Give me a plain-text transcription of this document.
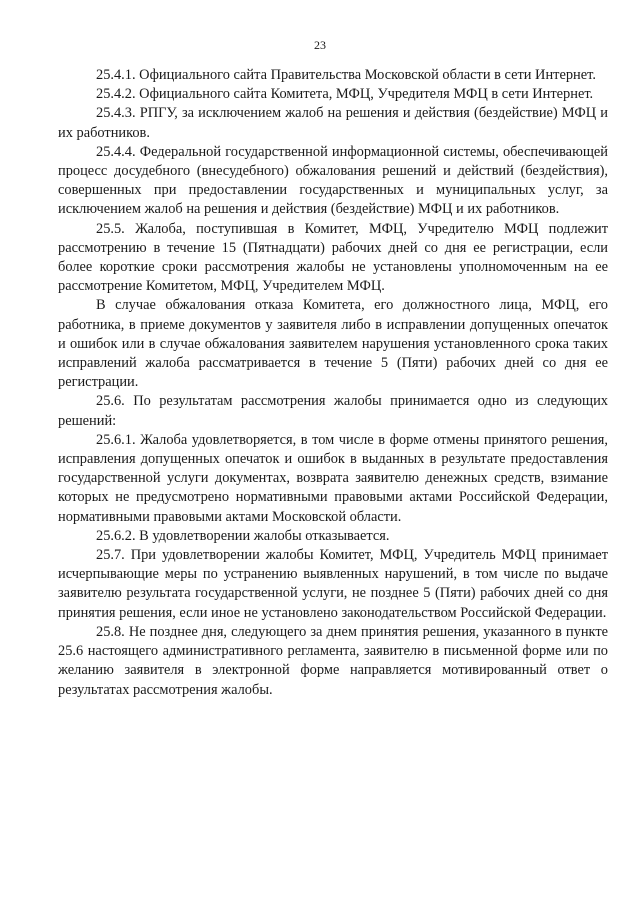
23

25.4.1. Официального сайта Правительства Московской области в сети Интернет.

25.4.2. Официального сайта Комитета, МФЦ, Учредителя МФЦ в сети Интернет.

25.4.3. РПГУ, за исключением жалоб на решения и действия (бездействие) МФЦ и их работников.

25.4.4. Федеральной государственной информационной системы, обеспечивающей процесс досудебного (внесудебного) обжалования решений и действий (бездействия), совершенных при предоставлении государственных и муниципальных услуг, за исключением жалоб на решения и действия (бездействие) МФЦ и их работников.

25.5. Жалоба, поступившая в Комитет, МФЦ, Учредителю МФЦ подлежит рассмотрению в течение 15 (Пятнадцати) рабочих дней со дня ее регистрации, если более короткие сроки рассмотрения жалобы не установлены уполномоченным на ее рассмотрение Комитетом, МФЦ, Учредителем МФЦ.

В случае обжалования отказа Комитета, его должностного лица, МФЦ, его работника, в приеме документов у заявителя либо в исправлении допущенных опечаток и ошибок или в случае обжалования заявителем нарушения установленного срока таких исправлений жалоба рассматривается в течение 5 (Пяти) рабочих дней со дня ее регистрации.

25.6. По результатам рассмотрения жалобы принимается одно из следующих решений:

25.6.1. Жалоба удовлетворяется, в том числе в форме отмены принятого решения, исправления допущенных опечаток и ошибок в выданных в результате предоставления государственной услуги документах, возврата заявителю денежных средств, взимание которых не предусмотрено нормативными правовыми актами Российской Федерации, нормативными правовыми актами Московской области.

25.6.2. В удовлетворении жалобы отказывается.

25.7. При удовлетворении жалобы Комитет, МФЦ, Учредитель МФЦ принимает исчерпывающие меры по устранению выявленных нарушений, в том числе по выдаче заявителю результата государственной услуги, не позднее 5 (Пяти) рабочих дней со дня принятия решения, если иное не установлено законодательством Российской Федерации.

25.8. Не позднее дня, следующего за днем принятия решения, указанного в пункте 25.6 настоящего административного регламента, заявителю в письменной форме или по желанию заявителя в электронной форме направляется мотивированный ответ о результатах рассмотрения жалобы.
